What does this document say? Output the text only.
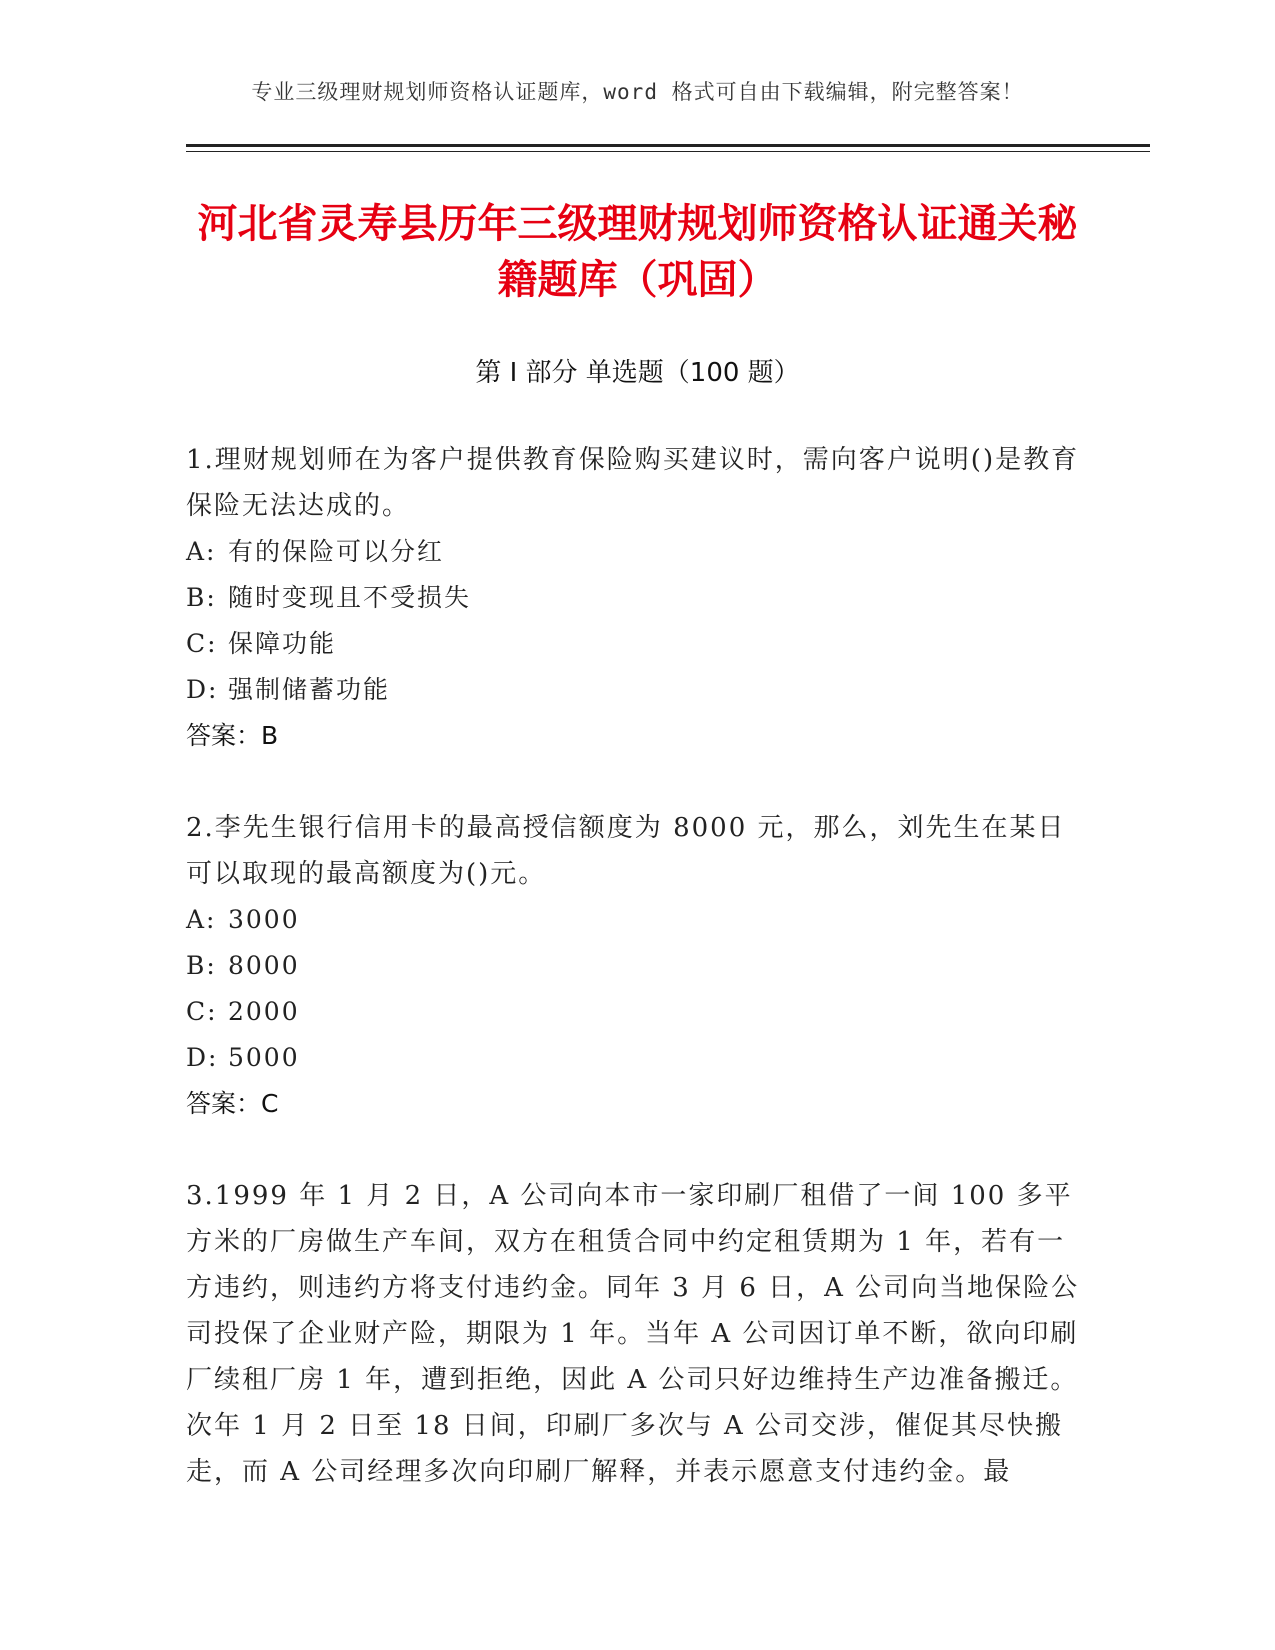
专业三级理财规划师资格认证题库，word 格式可自由下载编辑，附完整答案！
河北省灵寿县历年三级理财规划师资格认证通关秘籍题库（巩固）
第 I 部分 单选题（100 题）

1.理财规划师在为客户提供教育保险购买建议时，需向客户说明()是教育保险无法达成的。

A: 有的保险可以分红

B: 随时变现且不受损失

C: 保障功能

D: 强制储蓄功能

答案：B

2.李先生银行信用卡的最高授信额度为 8000 元，那么，刘先生在某日可以取现的最高额度为()元。

A: 3000

B: 8000

C: 2000

D: 5000

答案：C

3.1999 年 1 月 2 日，A 公司向本市一家印刷厂租借了一间 100 多平方米的厂房做生产车间，双方在租赁合同中约定租赁期为 1 年，若有一方违约，则违约方将支付违约金。同年 3 月 6 日，A 公司向当地保险公司投保了企业财产险，期限为 1 年。当年 A 公司因订单不断，欲向印刷厂续租厂房 1 年，遭到拒绝，因此 A 公司只好边维持生产边准备搬迁。次年 1 月 2 日至 18 日间，印刷厂多次与 A 公司交涉，催促其尽快搬走，而 A 公司经理多次向印刷厂解释，并表示愿意支付违约金。最
